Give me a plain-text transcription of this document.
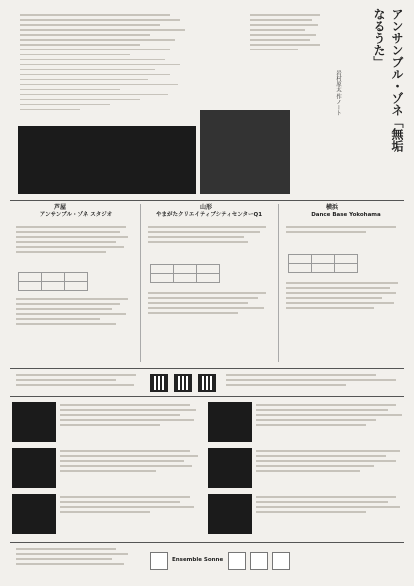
アンサンブル・ゾネ「無垢なるうた」
岩村原太 作ノート
芦屋
アンサンブル・ゾネ スタジオ
山形
やまがたクリエイティブシティセンターQ1
横浜
Dance Base Yokohama

Ensemble Sonne
